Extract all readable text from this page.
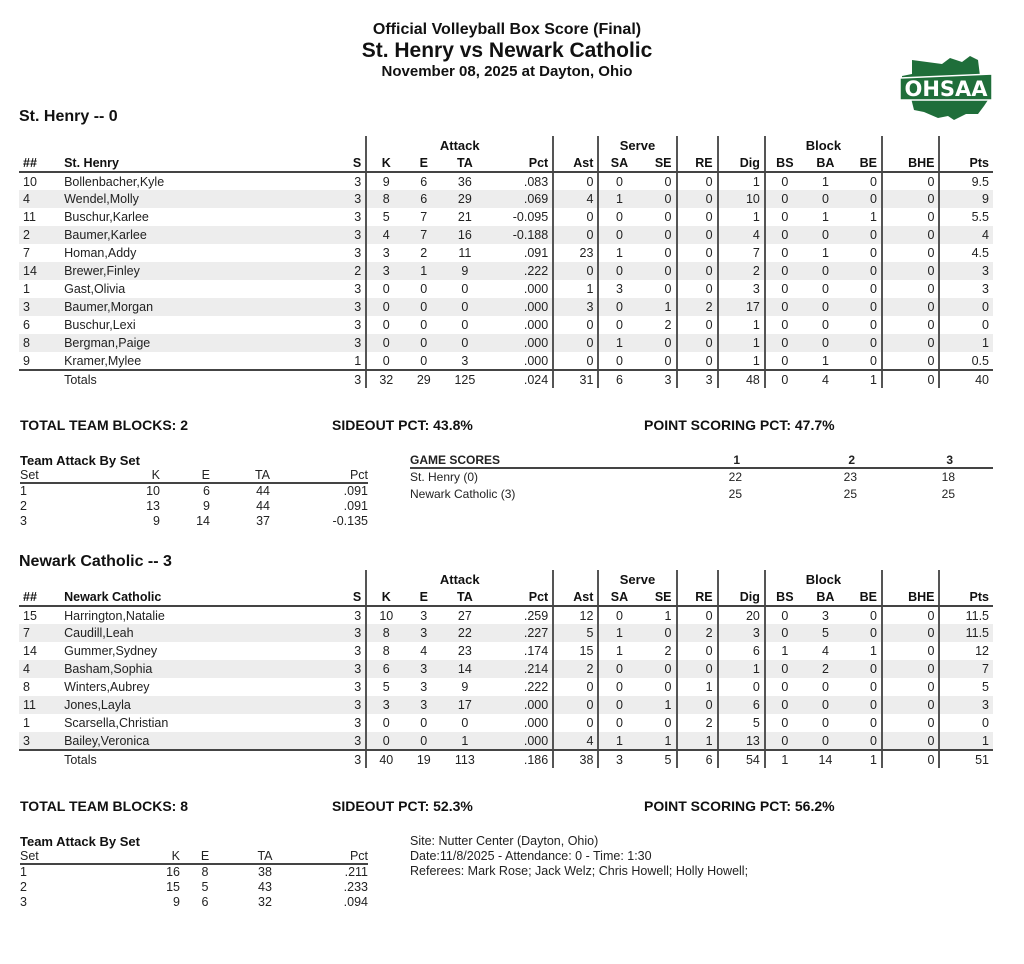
Official Volleyball Box Score (Final)
St. Henry vs Newark Catholic
November 08, 2025 at Dayton, Ohio
OHSAA
St. Henry -- 0
			Attack					Serve				Block				
##	St. Henry	S	K	E	TA	Pct	Ast	SA	SE	RE	Dig	BS	BA	BE	BHE	Pts
10	Bollenbacher,Kyle	3	9	6	36	.083	0	0	0	0	1	0	1	0	0	9.5
4	Wendel,Molly	3	8	6	29	.069	4	1	0	0	10	0	0	0	0	9
11	Buschur,Karlee	3	5	7	21	-0.095	0	0	0	0	1	0	1	1	0	5.5
2	Baumer,Karlee	3	4	7	16	-0.188	0	0	0	0	4	0	0	0	0	4
7	Homan,Addy	3	3	2	11	.091	23	1	0	0	7	0	1	0	0	4.5
14	Brewer,Finley	2	3	1	9	.222	0	0	0	0	2	0	0	0	0	3
1	Gast,Olivia	3	0	0	0	.000	1	3	0	0	3	0	0	0	0	3
3	Baumer,Morgan	3	0	0	0	.000	3	0	1	2	17	0	0	0	0	0
6	Buschur,Lexi	3	0	0	0	.000	0	0	2	0	1	0	0	0	0	0
8	Bergman,Paige	3	0	0	0	.000	0	1	0	0	1	0	0	0	0	1
9	Kramer,Mylee	1	0	0	3	.000	0	0	0	0	1	0	1	0	0	0.5
	Totals	3	32	29	125	.024	31	6	3	3	48	0	4	1	0	40
TOTAL TEAM BLOCKS: 2	SIDEOUT PCT: 43.8%	POINT SCORING PCT: 47.7%
Team Attack By Set				
Set	K	E	TA	Pct
1	10	6	44	.091
2	13	9	44	.091
3	9	14	37	-0.135
GAME SCORES	1	2	3
St. Henry (0)	22	23	18
Newark Catholic (3)	25	25	25
Newark Catholic -- 3
			Attack					Serve				Block				
##	Newark Catholic	S	K	E	TA	Pct	Ast	SA	SE	RE	Dig	BS	BA	BE	BHE	Pts
15	Harrington,Natalie	3	10	3	27	.259	12	0	1	0	20	0	3	0	0	11.5
7	Caudill,Leah	3	8	3	22	.227	5	1	0	2	3	0	5	0	0	11.5
14	Gummer,Sydney	3	8	4	23	.174	15	1	2	0	6	1	4	1	0	12
4	Basham,Sophia	3	6	3	14	.214	2	0	0	0	1	0	2	0	0	7
8	Winters,Aubrey	3	5	3	9	.222	0	0	0	1	0	0	0	0	0	5
11	Jones,Layla	3	3	3	17	.000	0	0	1	0	6	0	0	0	0	3
1	Scarsella,Christian	3	0	0	0	.000	0	0	0	2	5	0	0	0	0	0
3	Bailey,Veronica	3	0	0	1	.000	4	1	1	1	13	0	0	0	0	1
	Totals	3	40	19	113	.186	38	3	5	6	54	1	14	1	0	51
TOTAL TEAM BLOCKS: 8	SIDEOUT PCT: 52.3%	POINT SCORING PCT: 56.2%
Team Attack By Set				
Set	K	E	TA	Pct
1	16	8	38	.211
2	15	5	43	.233
3	9	6	32	.094
Site: Nutter Center (Dayton, Ohio)
Date:11/8/2025 - Attendance: 0 - Time: 1:30
Referees: Mark Rose; Jack Welz; Chris Howell; Holly Howell;
